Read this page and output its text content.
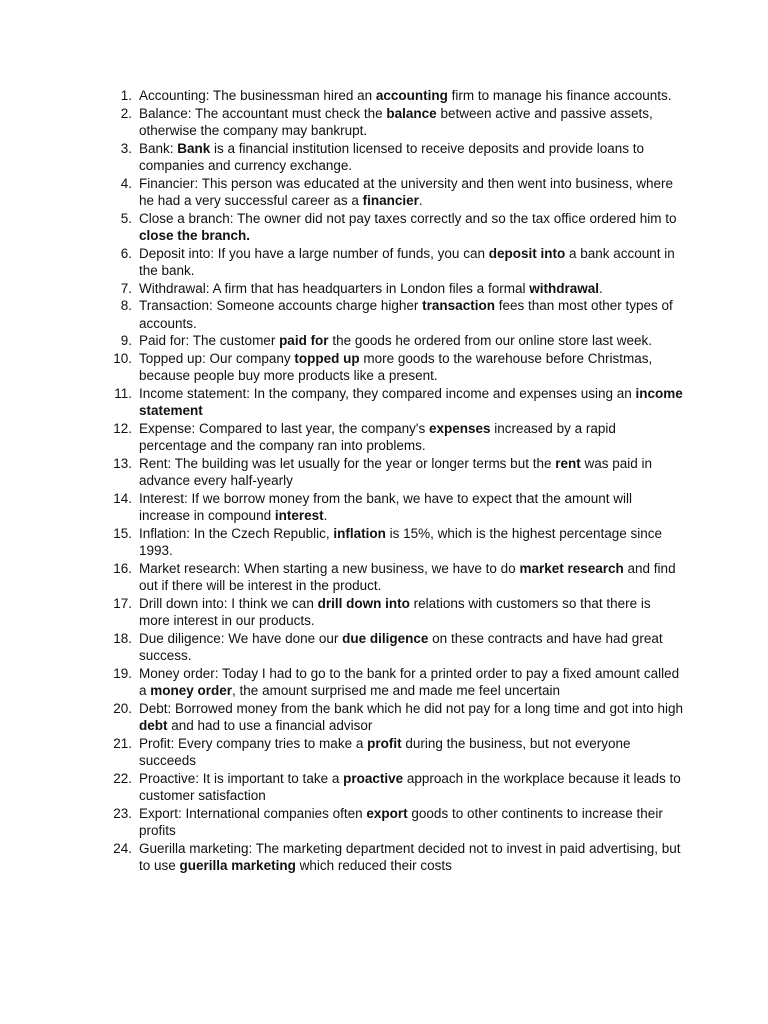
1. Accounting: The businessman hired an accounting firm to manage his finance accounts.
2. Balance: The accountant must check the balance between active and passive assets, otherwise the company may bankrupt.
3. Bank: Bank is a financial institution licensed to receive deposits and provide loans to companies and currency exchange.
4. Financier: This person was educated at the university and then went into business, where he had a very successful career as a financier.
5. Close a branch: The owner did not pay taxes correctly and so the tax office ordered him to close the branch.
6. Deposit into: If you have a large number of funds, you can deposit into a bank account in the bank.
7. Withdrawal: A firm that has headquarters in London files a formal withdrawal.
8. Transaction: Someone accounts charge higher transaction fees than most other types of accounts.
9. Paid for: The customer paid for the goods he ordered from our online store last week.
10. Topped up: Our company topped up more goods to the warehouse before Christmas, because people buy more products like a present.
11. Income statement: In the company, they compared income and expenses using an income statement
12. Expense: Compared to last year, the company's expenses increased by a rapid percentage and the company ran into problems.
13. Rent: The building was let usually for the year or longer terms but the rent was paid in advance every half-yearly
14. Interest: If we borrow money from the bank, we have to expect that the amount will increase in compound interest.
15. Inflation: In the Czech Republic, inflation is 15%, which is the highest percentage since 1993.
16. Market research: When starting a new business, we have to do market research and find out if there will be interest in the product.
17. Drill down into: I think we can drill down into relations with customers so that there is more interest in our products.
18. Due diligence: We have done our due diligence on these contracts and have had great success.
19. Money order: Today I had to go to the bank for a printed order to pay a fixed amount called a money order, the amount surprised me and made me feel uncertain
20. Debt: Borrowed money from the bank which he did not pay for a long time and got into high debt and had to use a financial advisor
21. Profit: Every company tries to make a profit during the business, but not everyone succeeds
22. Proactive: It is important to take a proactive approach in the workplace because it leads to customer satisfaction
23. Export: International companies often export goods to other continents to increase their profits
24. Guerilla marketing: The marketing department decided not to invest in paid advertising, but to use guerilla marketing which reduced their costs
